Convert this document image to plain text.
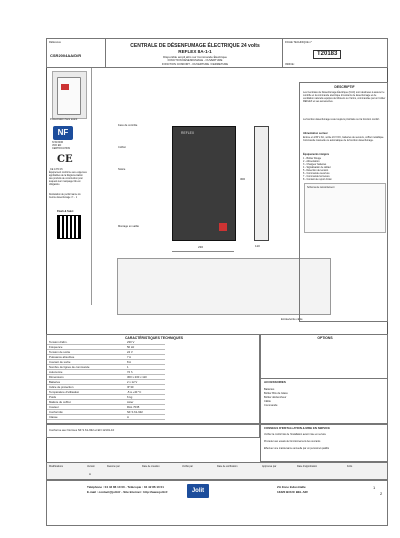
Référence
CSR2004AA/D/R
CENTRALE DE DÉSENFUMAGE ÉLECTRIQUE 24 volts
REFLEX 8A-1-1
Disponible ampli alim sur Commande Électrique
FONCTION DÉSENFUMAGE - OUVERTURE
FONCTION CONFORT - OUVERTURE / FERMETURE
FICHE TECHNIQUE n°
T20183
INDICE :
Présentation face avant
NF
N°AFNOR
VDO EN
CERTIFICATION
CE
CE 1370 15
Équipement conforme aux exigences applicables de la Réglementation des produits de construction pour lesquels leur marquage CE est obligatoire
Déclaration de performance du Centre désenfumage n°... 1
Flash & Suivi
Face de contrôle
Coffret
Notice
Montage en saillie
REFLEX
300
110
230
Entrée/sortie câble
DESCRIPTIF
Les Centrales de Désenfumage Électrique (CAC) sont destinées à assurer le contrôle et la commande électrique d'ouvrants de désenfumage et de ventilation naturelle équipés de Moteurs ou Vérins, commandée par un boîtier REFLEX et ses accessoires.
La fonction désenfumage reste toujours prioritaire sur la fonction confort.
Alimentation secteur
Entrée en 230 V AC, sortie 24 V DC, batteries de secours, coffret métallique. Commande manuelle ou automatique de la fonction désenfumage.
Équipements intégrés
1 - Boîtier Rouge
2 - Alimentation
3 - Chargeur batteries
4 - Signalisation de défaut
5 - Détection de tension
6 - Commande ouverture
7 - Commande fermeture
8 - Contact de report d'état
Schéma de raccordement
CARACTÉRISTIQUES TECHNIQUES	OPTIONS
Tension d'alim.	230 V
Fréquence	50 Hz
Tension de sortie	24 V
Puissance absorbée	7 A
Courant de sortie	8 A
Nombre de lignes de commande	1
Autonomie	72 h
Dimensions	300 x 230 x 110
Batteries	2 x 12 V
Indice de protection	IP 30
Température d'utilisation	-5 à +40 °C
Poids	6 kg
Matière du coffret	Acier
Couleur	RAL 7035
Conformité	NF S 61-932
Classe	A
Conforme aux Normes NF S 61-932 et EN 12101-10
ACCESSOIRES
Batteries
Boîtier Bris de Glace
Boîtier déclencheur
Câble
Commande
CONSEILS D'INSTALLATION & MISE EN SERVICE
Vérifier la conformité de l'installation avant mise en service
Procéder aux essais de fonctionnement des ouvrants
Effectuer une maintenance annuelle par un personnel qualifié
Modifications	Version	Dessiné par	Date de création	Vérifié par	Date de vérification	Approuvé par	Date d'approbation	Folio
A
Téléphone : 04 42 86 10 00 - Télécopie : 04 42 86 10 01
E-mail : contact@jolit.fr - Site Internet : http://www.jolit.fr	Jolit
ZA Zone Industrielle
13320 BOUC BEL AIR
1
2
